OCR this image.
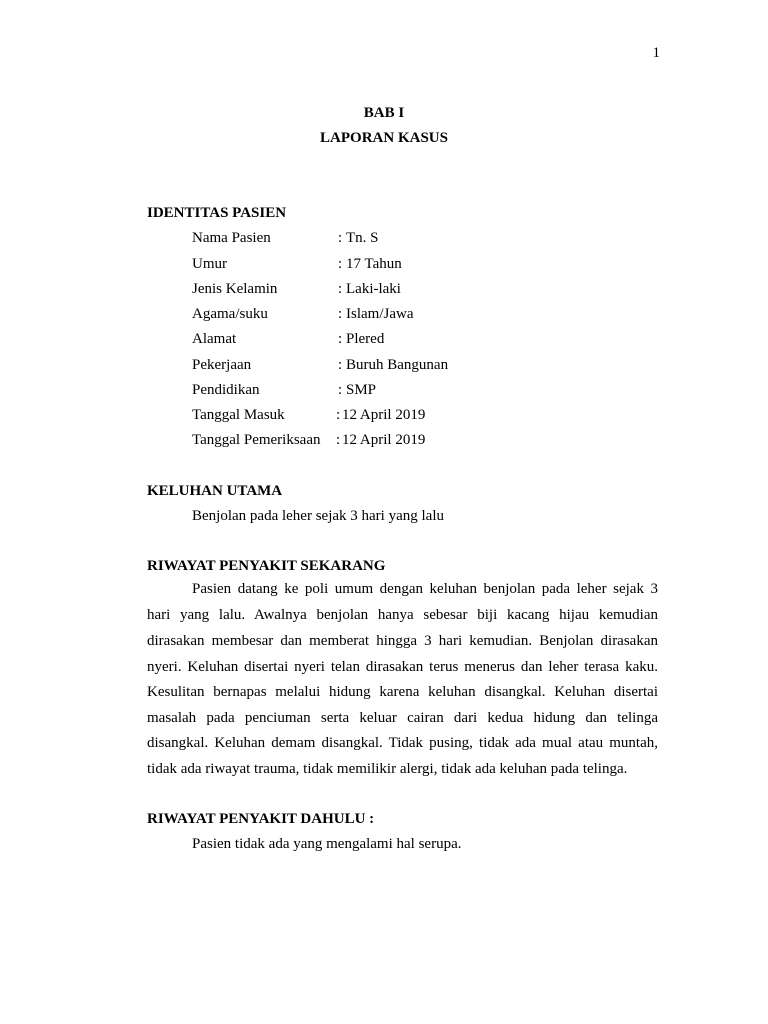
1
BAB I
LAPORAN KASUS
IDENTITAS PASIEN
Nama Pasien	: Tn. S
Umur	: 17 Tahun
Jenis Kelamin	: Laki-laki
Agama/suku	: Islam/Jawa
Alamat	: Plered
Pekerjaan	: Buruh Bangunan
Pendidikan	: SMP
Tanggal Masuk	: 12 April 2019
Tanggal Pemeriksaan : 12 April 2019
KELUHAN UTAMA

Benjolan pada leher sejak 3 hari yang lalu

RIWAYAT PENYAKIT SEKARANG

Pasien datang ke poli umum dengan keluhan benjolan pada leher sejak 3

hari yang lalu. Awalnya benjolan hanya sebesar biji kacang hijau kemudian

dirasakan membesar dan memberat hingga 3 hari kemudian. Benjolan dirasakan

nyeri. Keluhan disertai nyeri telan dirasakan terus menerus dan leher terasa kaku.

Kesulitan bernapas melalui hidung karena keluhan disangkal. Keluhan disertai

masalah pada penciuman serta keluar cairan dari kedua hidung dan telinga

disangkal. Keluhan demam disangkal. Tidak pusing, tidak ada mual atau muntah,

tidak ada riwayat trauma, tidak memilikir alergi, tidak ada keluhan pada telinga.

RIWAYAT PENYAKIT DAHULU :

Pasien tidak ada yang mengalami hal serupa.
